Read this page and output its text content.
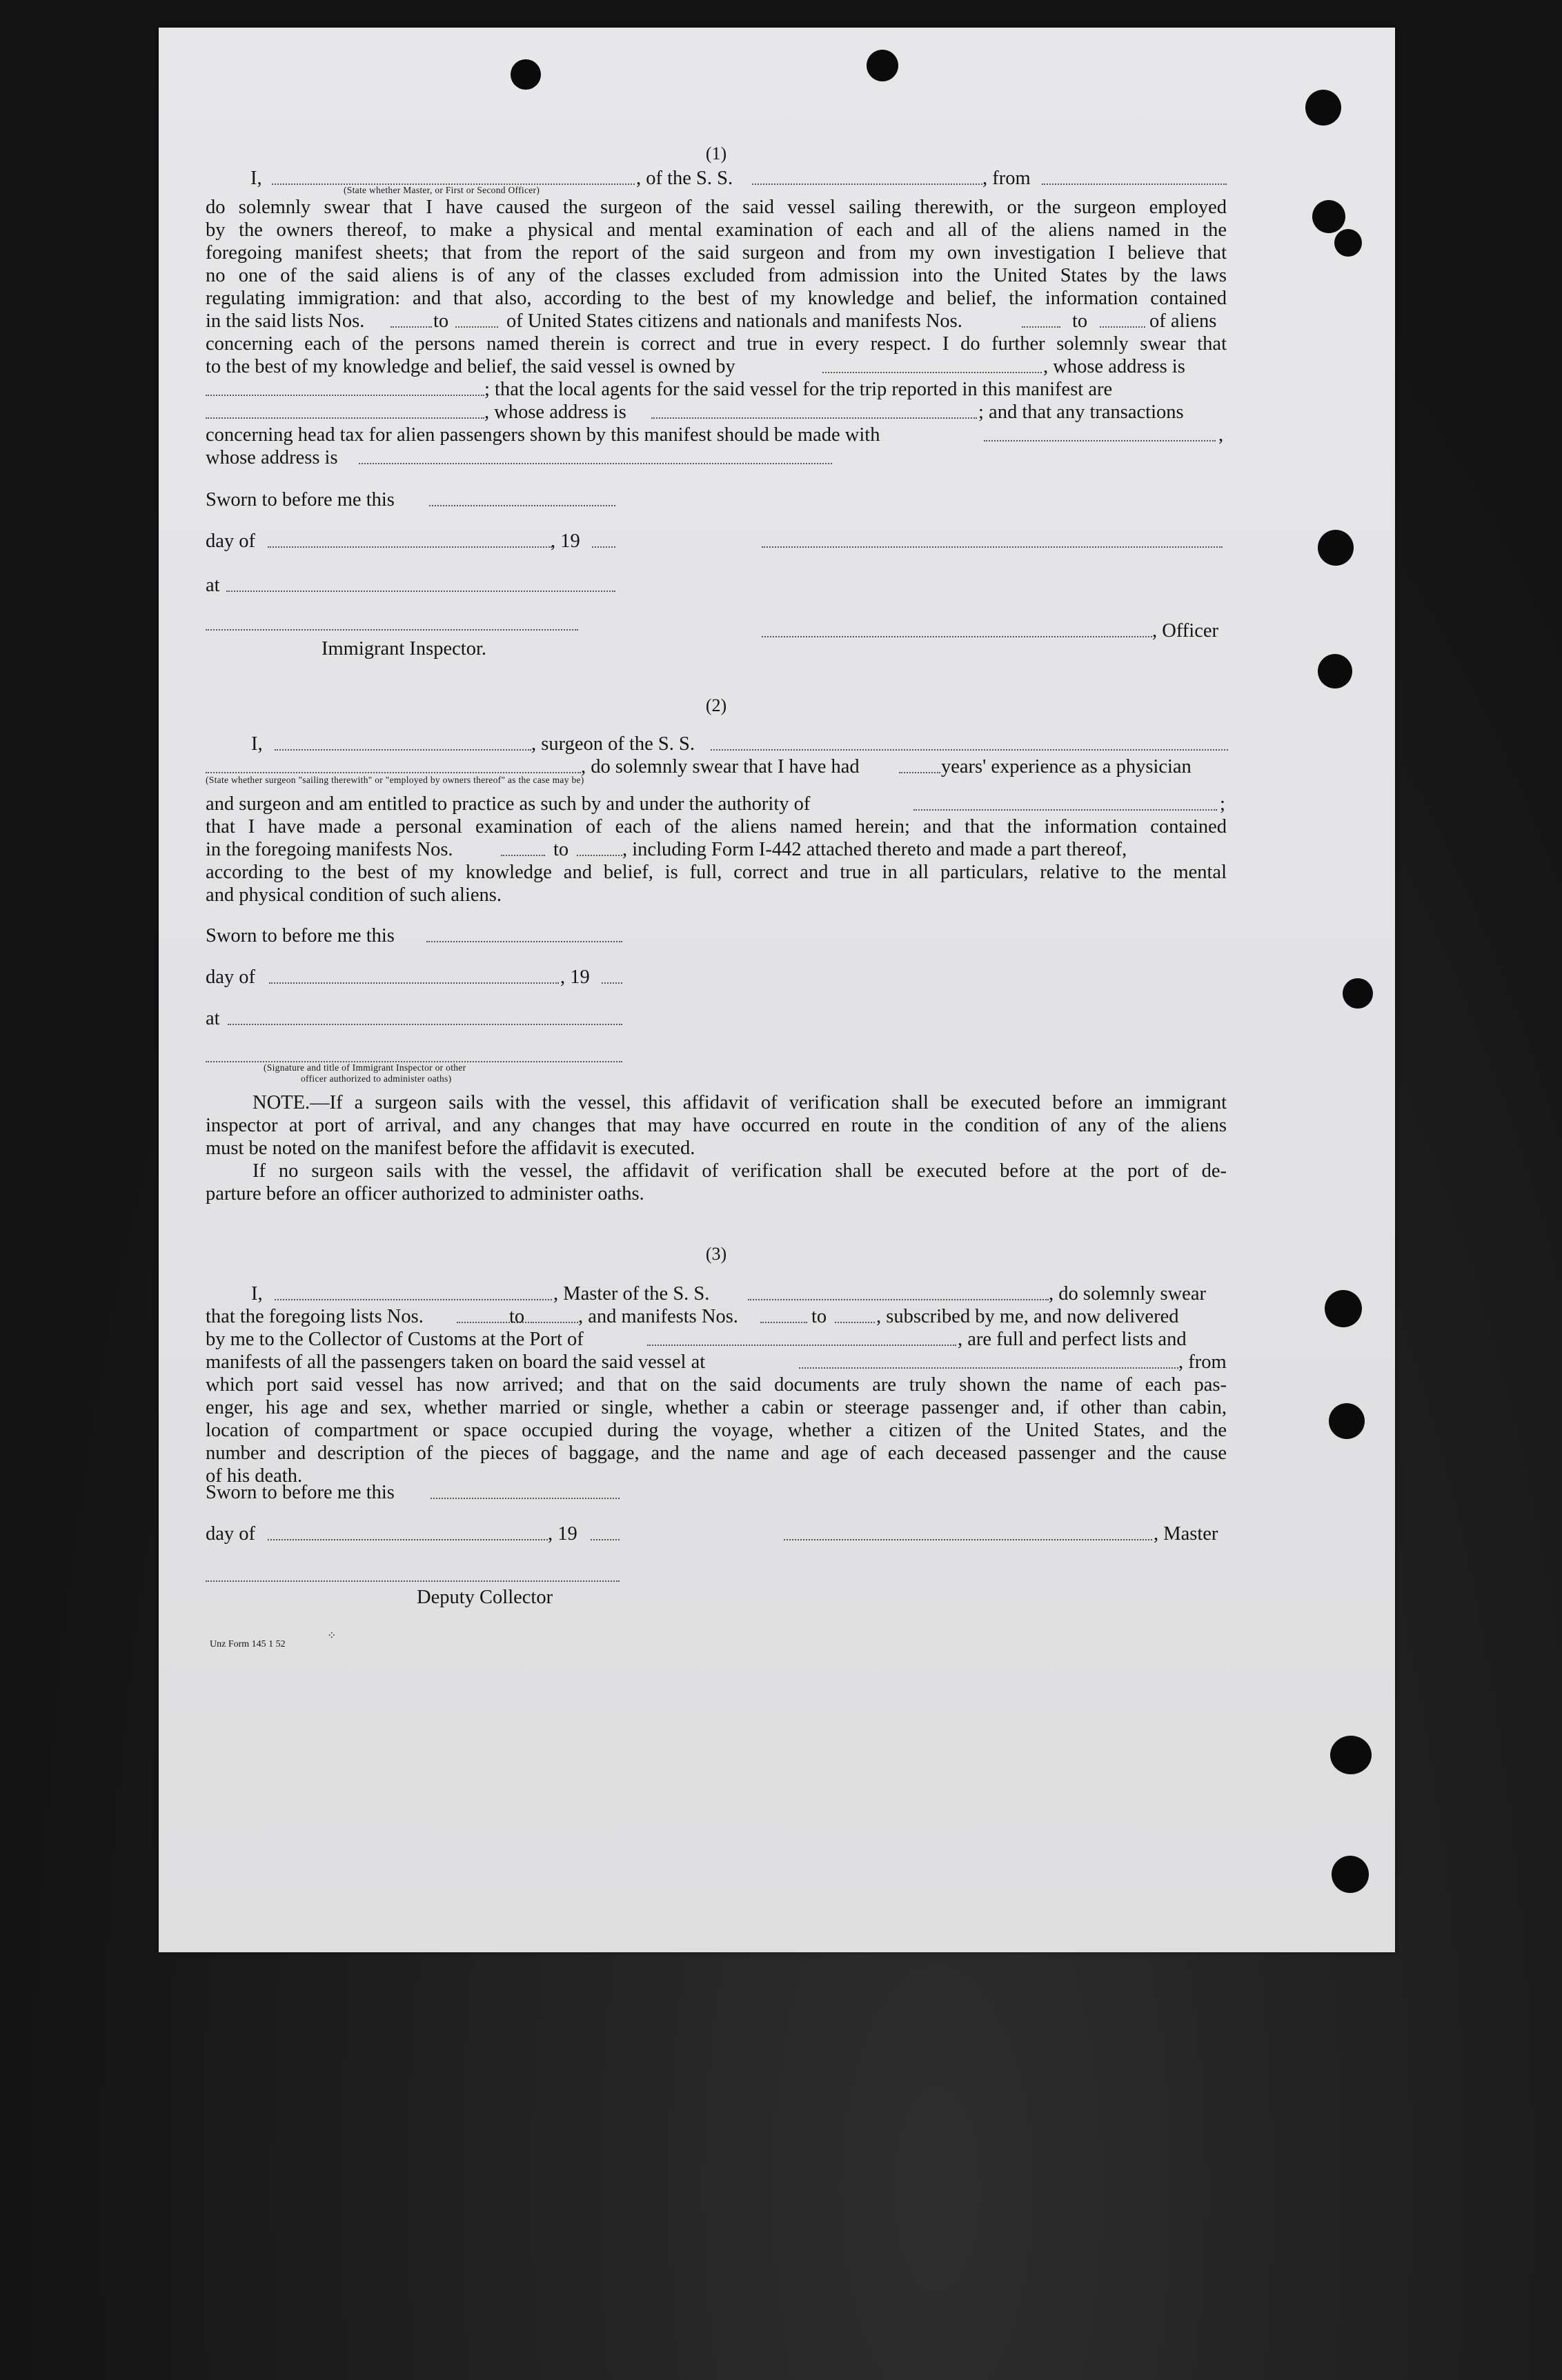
(1)

I,	, of the S. S.	, from
(State whether Master, or First or Second Officer)
do solemnly swear that I have caused the surgeon of the said vessel sailing therewith, or the surgeon employed
by the owners thereof, to make a physical and mental examination of each and all of the aliens named in the
foregoing manifest sheets; that from the report of the said surgeon and from my own investigation I believe that
no one of the said aliens is of any of the classes excluded from admission into the United States by the laws
regulating immigration: and that also, according to the best of my knowledge and belief, the information contained
in the said lists Nos.	to	of United States citizens and nationals and manifests Nos.	to	of aliens
concerning each of the persons named therein is correct and true in every respect. I do further solemnly swear that
to the best of my knowledge and belief, the said vessel is owned by	, whose address is
; that the local agents for the said vessel for the trip reported in this manifest are
, whose address is	; and that any transactions
concerning head tax for alien passengers shown by this manifest should be made with	,
whose address is
Sworn to before me this
day of	, 19
at
, Officer
Immigrant Inspector.

(2)

I,	, surgeon of the S. S.
, do solemnly swear that I have had	years' experience as a physician
(State whether surgeon "sailing therewith" or "employed by owners thereof" as the case may be)
and surgeon and am entitled to practice as such by and under the authority of	;
that I have made a personal examination of each of the aliens named herein; and that the information contained
in the foregoing manifests Nos.	to	, including Form I-442 attached thereto and made a part thereof,
according to the best of my knowledge and belief, is full, correct and true in all particulars, relative to the mental
and physical condition of such aliens.
Sworn to before me this
day of	, 19
at
(Signature and title of Immigrant Inspector or other
officer authorized to administer oaths)
NOTE.—If a surgeon sails with the vessel, this affidavit of verification shall be executed before an immigrant
inspector at port of arrival, and any changes that may have occurred en route in the condition of any of the aliens
must be noted on the manifest before the affidavit is executed.
If no surgeon sails with the vessel, the affidavit of verification shall be executed before at the port of de-
parture before an officer authorized to administer oaths.

(3)

I,	, Master of the S. S.	, do solemnly swear
that the foregoing lists Nos.	to	, and manifests Nos.	to	, subscribed by me, and now delivered
by me to the Collector of Customs at the Port of	, are full and perfect lists and
manifests of all the passengers taken on board the said vessel at	, from
which port said vessel has now arrived; and that on the said documents are truly shown the name of each pas-
enger, his age and sex, whether married or single, whether a cabin or steerage passenger and, if other than cabin,
location of compartment or space occupied during the voyage, whether a citizen of the United States, and the
number and description of the pieces of baggage, and the name and age of each deceased passenger and the cause
of his death.
Sworn to before me this
day of	, 19	, Master
Deputy Collector
Unz Form 145 1 52
⁘
